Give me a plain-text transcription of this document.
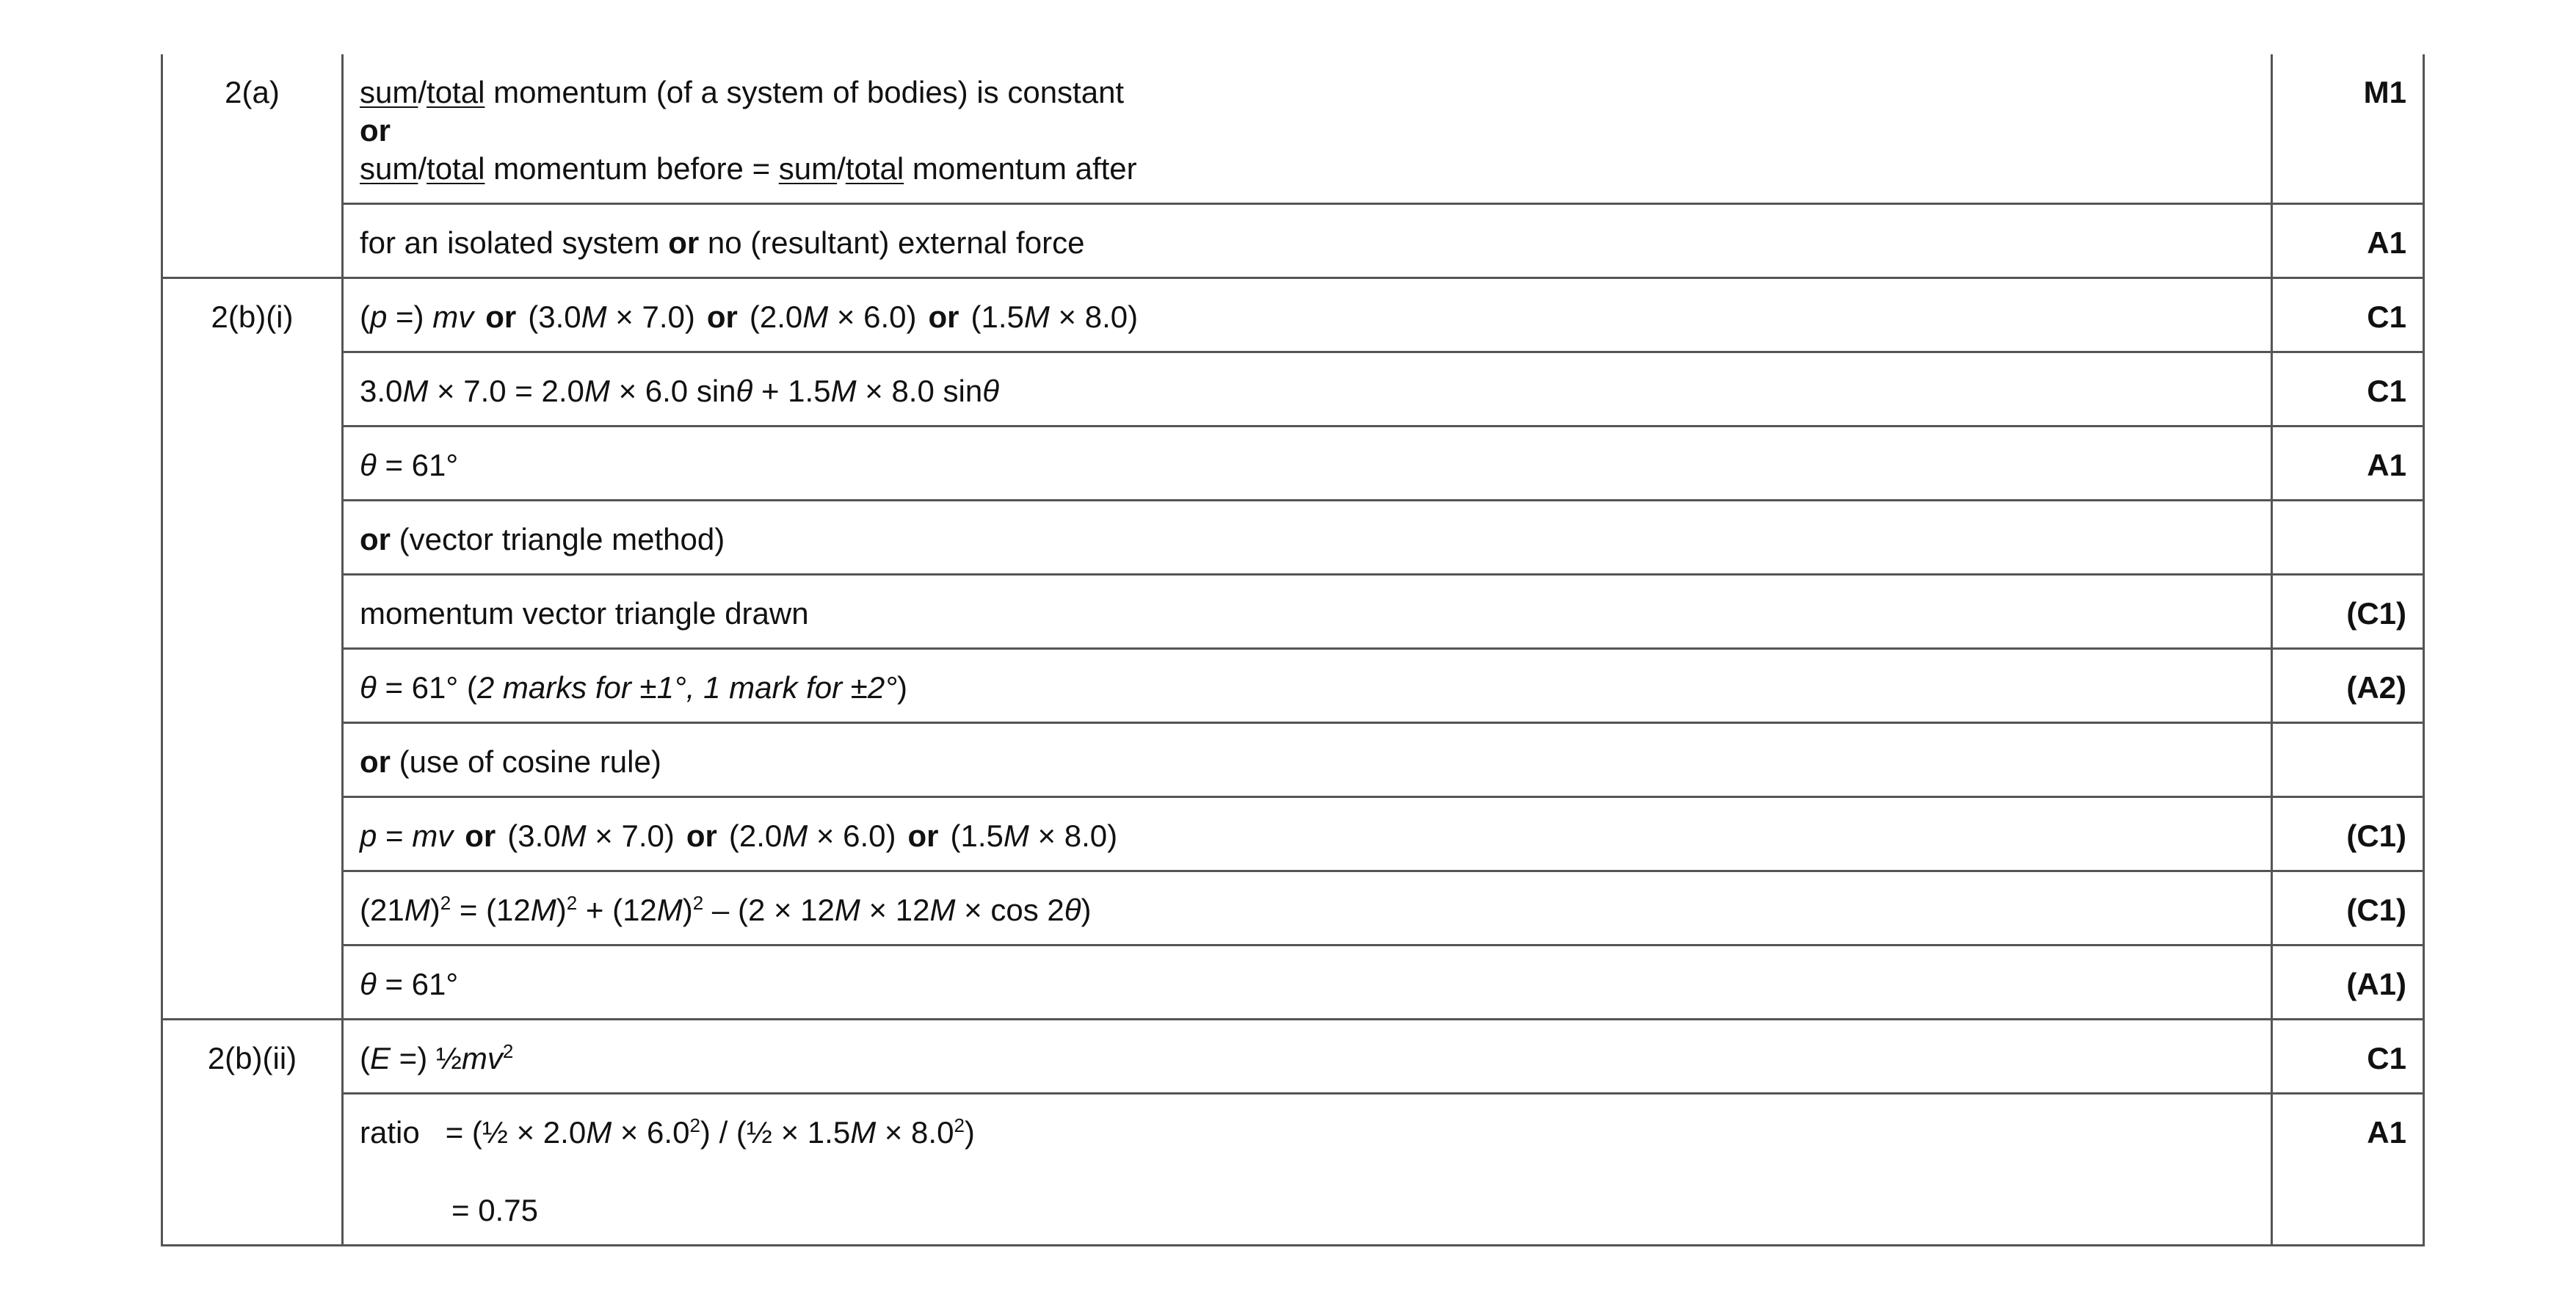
2(a)	sum/total momentum (of a system of bodies) is constant
or
sum/total momentum before = sum/total momentum after	M1
	for an isolated system or no (resultant) external force	A1
2(b)(i)	(p =) mv or (3.0M × 7.0) or (2.0M × 6.0) or (1.5M × 8.0)	C1
	3.0M × 7.0 = 2.0M × 6.0 sinθ + 1.5M × 8.0 sinθ	C1
	θ = 61°	A1
	or (vector triangle method)	
	momentum vector triangle drawn	(C1)
	θ = 61° (2 marks for ±1°, 1 mark for ±2°)	(A2)
	or (use of cosine rule)	
	p = mv or (3.0M × 7.0) or (2.0M × 6.0) or (1.5M × 8.0)	(C1)
	$(21M)^2 = (12M)^2 + (12M)^2 - (2 \times 12M \times 12M \times \cos 2\theta)$	(C1)
	θ = 61°	(A1)
2(b)(ii)	(E =) $\frac{1}{2}mv^2$	C1
	ratio = (½ × $2.0M \times 6.0^2$) / (½ × $1.5M \times 8.0^2$)
= 0.75	A1
